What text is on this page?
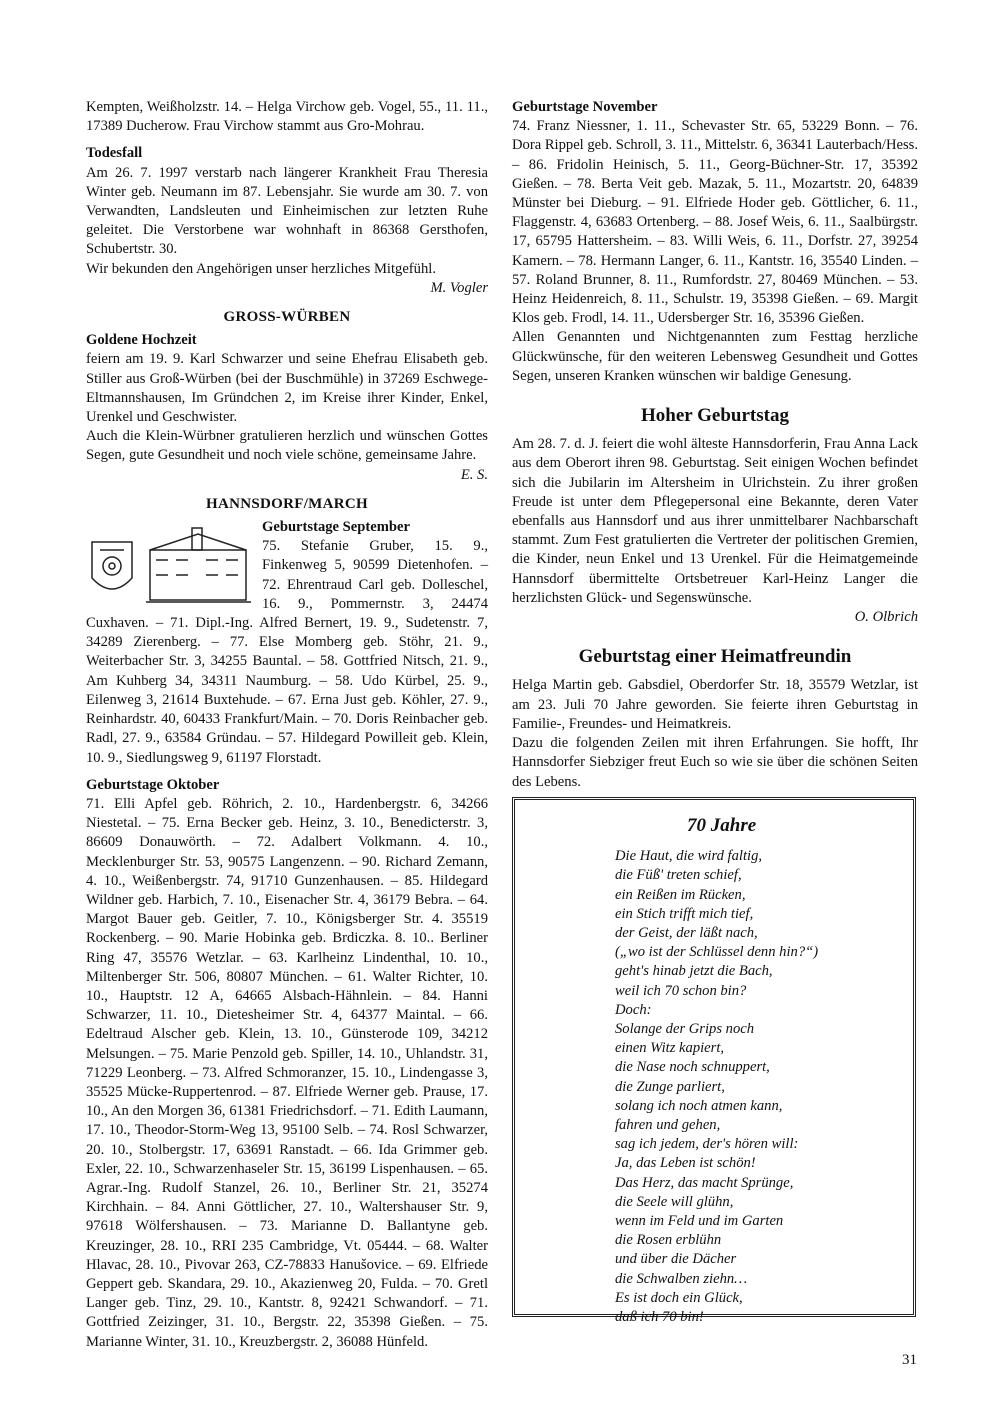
Kempten, Weißholzstr. 14. – Helga Virchow geb. Vogel, 55., 11. 11., 17389 Ducherow. Frau Virchow stammt aus Gro-Mohrau.

Todesfall

Am 26. 7. 1997 verstarb nach längerer Krankheit Frau Theresia Winter geb. Neumann im 87. Lebensjahr. Sie wurde am 30. 7. von Verwandten, Landsleuten und Einheimischen zur letzten Ruhe geleitet. Die Verstorbene war wohnhaft in 86368 Gersthofen, Schubertstr. 30.

Wir bekunden den Angehörigen unser herzliches Mitgefühl.

M. Vogler

GROSS-WÜRBEN

Goldene Hochzeit

feiern am 19. 9. Karl Schwarzer und seine Ehefrau Elisabeth geb. Stiller aus Groß-Würben (bei der Buschmühle) in 37269 Eschwege-Eltmannshausen, Im Gründchen 2, im Kreise ihrer Kinder, Enkel, Urenkel und Geschwister.

Auch die Klein-Würbner gratulieren herzlich und wünschen Gottes Segen, gute Gesundheit und noch viele schöne, gemeinsame Jahre.

E. S.

HANNSDORF/MARCH

Geburtstage September

75. Stefanie Gruber, 15. 9., Finkenweg 5, 90599 Dietenhofen. – 72. Ehrentraud Carl geb. Dolleschel, 16. 9., Pommernstr. 3, 24474 Cuxhaven. – 71. Dipl.-Ing. Alfred Bernert, 19. 9., Sudetenstr. 7, 34289 Zierenberg. – 77. Else Momberg geb. Stöhr, 21. 9., Weiterbacher Str. 3, 34255 Bauntal. – 58. Gottfried Nitsch, 21. 9., Am Kuhberg 34, 34311 Naumburg. – 58. Udo Kürbel, 25. 9., Eilenweg 3, 21614 Buxtehude. – 67. Erna Just geb. Köhler, 27. 9., Reinhardstr. 40, 60433 Frankfurt/Main. – 70. Doris Reinbacher geb. Radl, 27. 9., 63584 Gründau. – 57. Hildegard Powilleit geb. Klein, 10. 9., Siedlungsweg 9, 61197 Florstadt.

Geburtstage Oktober

71. Elli Apfel geb. Röhrich, 2. 10., Hardenbergstr. 6, 34266 Niestetal. – 75. Erna Becker geb. Heinz, 3. 10., Benedicterstr. 3, 86609 Donauwörth. – 72. Adalbert Volkmann. 4. 10., Mecklenburger Str. 53, 90575 Langenzenn. – 90. Richard Zemann, 4. 10., Weißenbergstr. 74, 91710 Gunzenhausen. – 85. Hildegard Wildner geb. Harbich, 7. 10., Eisenacher Str. 4, 36179 Bebra. – 64. Margot Bauer geb. Geitler, 7. 10., Königsberger Str. 4. 35519 Rockenberg. – 90. Marie Hobinka geb. Brdiczka. 8. 10.. Berliner Ring 47, 35576 Wetzlar. – 63. Karlheinz Lindenthal, 10. 10., Miltenberger Str. 506, 80807 München. – 61. Walter Richter, 10. 10., Hauptstr. 12 A, 64665 Alsbach-Hähnlein. – 84. Hanni Schwarzer, 11. 10., Dietesheimer Str. 4, 64377 Maintal. – 66. Edeltraud Alscher geb. Klein, 13. 10., Günsterode 109, 34212 Melsungen. – 75. Marie Penzold geb. Spiller, 14. 10., Uhlandstr. 31, 71229 Leonberg. – 73. Alfred Schmoranzer, 15. 10., Lindengasse 3, 35525 Mücke-Ruppertenrod. – 87. Elfriede Werner geb. Prause, 17. 10., An den Morgen 36, 61381 Friedrichsdorf. – 71. Edith Laumann, 17. 10., Theodor-Storm-Weg 13, 95100 Selb. – 74. Rosl Schwarzer, 20. 10., Stolbergstr. 17, 63691 Ranstadt. – 66. Ida Grimmer geb. Exler, 22. 10., Schwarzenhaseler Str. 15, 36199 Lispenhausen. – 65. Agrar.-Ing. Rudolf Stanzel, 26. 10., Berliner Str. 21, 35274 Kirchhain. – 84. Anni Göttlicher, 27. 10., Waltershauser Str. 9, 97618 Wölfershausen. – 73. Marianne D. Ballantyne geb. Kreuzinger, 28. 10., RRI 235 Cambridge, Vt. 05444. – 68. Walter Hlavac, 28. 10., Pivovar 263, CZ-78833 Hanušovice. – 69. Elfriede Geppert geb. Skandara, 29. 10., Akazienweg 20, Fulda. – 70. Gretl Langer geb. Tinz, 29. 10., Kantstr. 8, 92421 Schwandorf. – 71. Gottfried Zeizinger, 31. 10., Bergstr. 22, 35398 Gießen. – 75. Marianne Winter, 31. 10., Kreuzbergstr. 2, 36088 Hünfeld.

Geburtstage November

74. Franz Niessner, 1. 11., Schevaster Str. 65, 53229 Bonn. – 76. Dora Rippel geb. Schroll, 3. 11., Mittelstr. 6, 36341 Lauterbach/Hess. – 86. Fridolin Heinisch, 5. 11., Georg-Büchner-Str. 17, 35392 Gießen. – 78. Berta Veit geb. Mazak, 5. 11., Mozartstr. 20, 64839 Münster bei Dieburg. – 91. Elfriede Hoder geb. Göttlicher, 6. 11., Flaggenstr. 4, 63683 Ortenberg. – 88. Josef Weis, 6. 11., Saalbürgstr. 17, 65795 Hattersheim. – 83. Willi Weis, 6. 11., Dorfstr. 27, 39254 Kamern. – 78. Hermann Langer, 6. 11., Kantstr. 16, 35540 Linden. – 57. Roland Brunner, 8. 11., Rumfordstr. 27, 80469 München. – 53. Heinz Heidenreich, 8. 11., Schulstr. 19, 35398 Gießen. – 69. Margit Klos geb. Frodl, 14. 11., Udersberger Str. 16, 35396 Gießen.

Allen Genannten und Nichtgenannten zum Festtag herzliche Glückwünsche, für den weiteren Lebensweg Gesundheit und Gottes Segen, unseren Kranken wünschen wir baldige Genesung.

Hoher Geburtstag

Am 28. 7. d. J. feiert die wohl älteste Hannsdorferin, Frau Anna Lack aus dem Oberort ihren 98. Geburtstag. Seit einigen Wochen befindet sich die Jubilarin im Altersheim in Ulrichstein. Zu ihrer großen Freude ist unter dem Pflegepersonal eine Bekannte, deren Vater ebenfalls aus Hannsdorf und aus ihrer unmittelbarer Nachbarschaft stammt. Zum Fest gratulierten die Vertreter der politischen Gremien, die Kinder, neun Enkel und 13 Urenkel. Für die Heimatgemeinde Hannsdorf übermittelte Ortsbetreuer Karl-Heinz Langer die herzlichsten Glück- und Segenswünsche.

O. Olbrich

Geburtstag einer Heimatfreundin

Helga Martin geb. Gabsdiel, Oberdorfer Str. 18, 35579 Wetzlar, ist am 23. Juli 70 Jahre geworden. Sie feierte ihren Geburtstag in Familie-, Freundes- und Heimatkreis.

Dazu die folgenden Zeilen mit ihren Erfahrungen. Sie hofft, Ihr Hannsdorfer Siebziger freut Euch so wie sie über die schönen Seiten des Lebens.

70 Jahre
Die Haut, die wird faltig,
die Füß' treten schief,
ein Reißen im Rücken,
ein Stich trifft mich tief,
der Geist, der läßt nach,
(„wo ist der Schlüssel denn hin?“)
geht's hinab jetzt die Bach,
weil ich 70 schon bin?
Doch:
Solange der Grips noch
einen Witz kapiert,
die Nase noch schnuppert,
die Zunge parliert,
solang ich noch atmen kann,
fahren und gehen,
sag ich jedem, der's hören will:
Ja, das Leben ist schön!
Das Herz, das macht Sprünge,
die Seele will glühn,
wenn im Feld und im Garten
die Rosen erblühn
und über die Dächer
die Schwalben ziehn…
Es ist doch ein Glück,
daß ich 70 bin!
31
